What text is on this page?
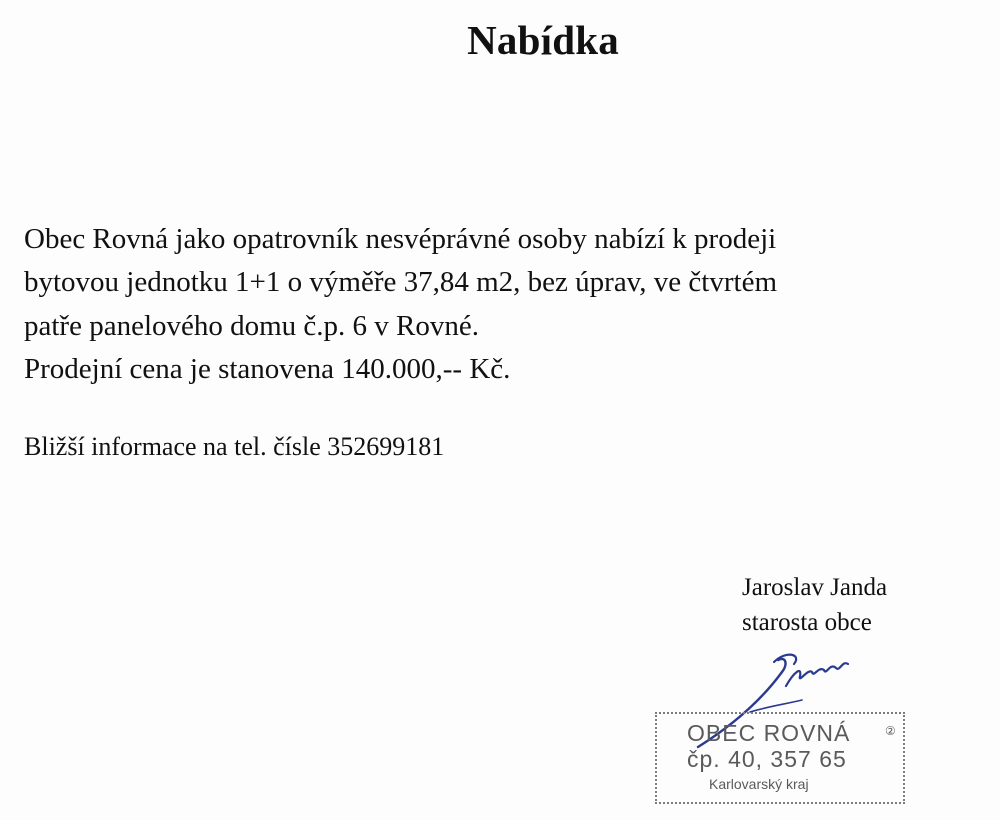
Nabídka

Obec Rovná jako opatrovník nesvéprávné osoby nabízí k prodeji
bytovou jednotku 1+1 o výměře 37,84 m2, bez úprav, ve čtvrtém
patře panelového domu č.p. 6 v Rovné.
Prodejní cena je stanovena 140.000,-- Kč.

Bližší informace na tel. čísle 352699181

Jaroslav Janda
starosta obce
OBEC ROVNÁ	②
čp. 40, 357 65
Karlovarský kraj
